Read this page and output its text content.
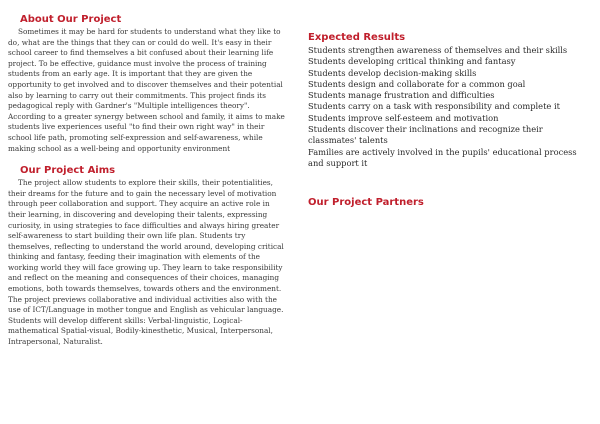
About Our Project

Sometimes it may be hard for students to understand what they like to do, what are the things that they can or could do well. It's easy in their school career to find themselves a bit confused about their learning life project. To be effective, guidance must involve the process of training students from an early age. It is important that they are given the opportunity to get involved and to discover themselves and their potential also by learning to carry out their commitments. This project finds its pedagogical reply with Gardner's "Multiple intelligences theory". According to a greater synergy between school and family, it aims to make students live experiences useful "to find their own right way" in their school life path, promoting self-expression and self-awareness, while making school as a well-being and opportunity environment

Our Project Aims

The project allow students to explore their skills, their potentialities, their dreams for the future and to gain the necessary level of motivation through peer collaboration and support. They acquire an active role in their learning, in discovering and developing their talents, expressing curiosity, in using strategies to face difficulties and always hiring greater self-awareness to start building their own life plan. Students try themselves, reflecting to understand the world around, developing critical thinking and fantasy, feeding their imagination with elements of the working world they will face growing up. They learn to take responsibility and reflect on the meaning and consequences of their choices, managing emotions, both towards themselves, towards others and the environment. The project previews collaborative and individual activities also with the use of ICT/Language in mother tongue and English as vehicular language. Students will develop different skills: Verbal-linguistic, Logical-mathematical Spatial-visual, Bodily-kinesthetic, Musical, Interpersonal, Intrapersonal, Naturalist.

Expected Results
Students strengthen awareness of themselves and their skills
Students developing critical thinking and fantasy
Students develop decision-making skills
Students design and collaborate for a common goal
Students manage frustration and difficulties
Students carry on a task with responsibility and complete it
Students improve self-esteem and motivation
Students discover their inclinations and recognize their classmates' talents
Families are actively involved in the pupils' educational process and support it
Our Project Partners
